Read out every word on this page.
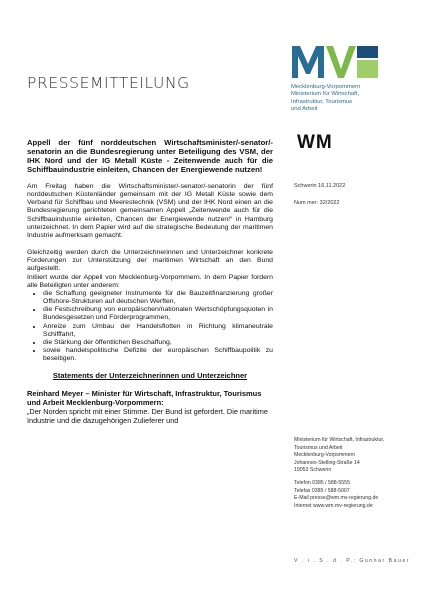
PRESSEMITTEILUNG	Mecklenburg-Vorpommern
Ministerium für Wirtschaft,
Infrastruktur, Tourismus
und Arbeit
WM
Schwerin 16.11.2022
Num mer: 32/2022
Ministerium für Wirtschaft, Infrastruktur,
Tourismus und Arbeit
Mecklenburg-Vorpommern
Johannes-Stelling-Straße 14
19053 Schwerin
Telefon 0385 / 588-5555
Telefax 0385 / 588-5007
E-Mail presse@wm.mv-regierung.de
Internet www.wm.mv-regierung.de
V . i . S . d . P.: Gunnar Bauer

Appell der fünf norddeutschen Wirtschaftsminister/-senator/-senatorin an die Bundesregierung unter Beteiligung des VSM, der IHK Nord und der IG Metall Küste - Zeitenwende auch für die Schiffbauindustrie einleiten, Chancen der Energiewende nutzen!

Am Freitag haben die Wirtschaftsminister/-senator/-senatorin der fünf norddeutschen Küstenländer gemeinsam mit der IG Metall Küste sowie dem Verband für Schiffbau und Meerestechnik (VSM) und der IHK Nord einen an die Bundesregierung gerichteten gemeinsamen Appell „Zeitenwende auch für die Schiffbauindustrie einleiten, Chancen der Energiewende nutzen!“ in Hamburg unterzeichnet. In dem Papier wird auf die strategische Bedeutung der maritimen Industrie aufmerksam gemacht.

Gleichzeitig werden durch die Unterzeichnerinnen und Unterzeichner konkrete Forderungen zur Unterstützung der maritimen Wirtschaft an den Bund aufgestellt.

Initiiert wurde der Appell von Mecklenburg-Vorpommern. In dem Papier fordern alle Beteiligten unter anderem:

• die Schaffung geeigneter Instrumente für die Bauzeitfinanzierung großer Offshore-Strukturen auf deutschen Werften,
• die Festschreibung von europäischen/nationalen Wertschöpfungsquoten in Bundesgesetzen und Förderprogrammen,
• Anreize zum Umbau der Handelsflotten in Richtung klimaneutrale Schifffahrt,
• die Stärkung der öffentlichen Beschaffung,
• sowie handelspolitische Defizite der europäischen Schiffbaupolitik zu beseitigen.
Statements der Unterzeichnerinnen und Unterzeichner

Reinhard Meyer – Minister für Wirtschaft, Infrastruktur, Tourismus und Arbeit Mecklenburg-Vorpommern:

„Der Norden spricht mit einer Stimme. Der Bund ist gefordert. Die maritime Industrie und die dazugehörigen Zulieferer und
